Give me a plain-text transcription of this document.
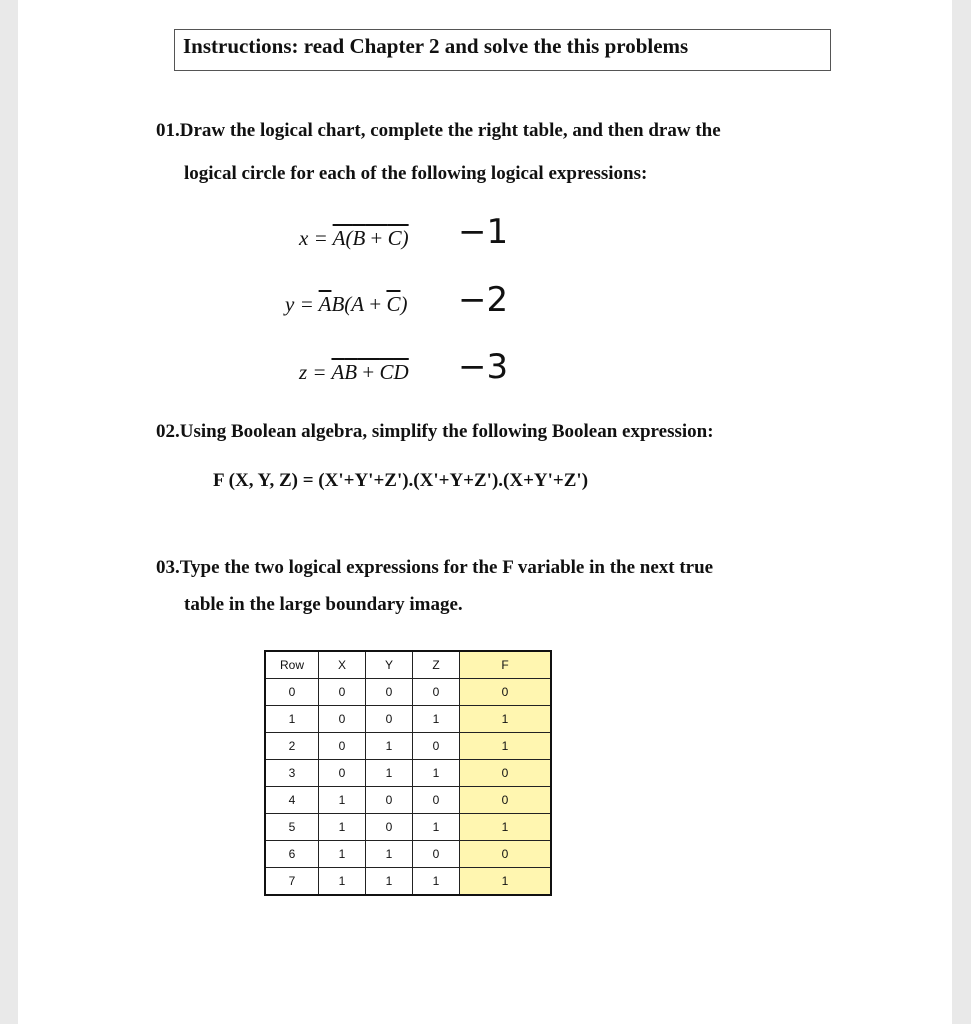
Instructions: read Chapter 2 and solve the this problems
01.Draw the logical chart, complete the right table, and then draw the
logical circle for each of the following logical expressions:
x = A(B + C) −1
$y = \overline{A}B(A + \overline{C}) -2$
z = AB + CD −3
02.Using Boolean algebra, simplify the following Boolean expression:
F (X, Y, Z) = (X'+Y'+Z').(X'+Y+Z').(X+Y'+Z')
03.Type the two logical expressions for the F variable in the next true
table in the large boundary image.
Row	X	Y	Z	F
0	0	0	0	0
1	0	0	1	1
2	0	1	0	1
3	0	1	1	0
4	1	0	0	0
5	1	0	1	1
6	1	1	0	0
7	1	1	1	1
